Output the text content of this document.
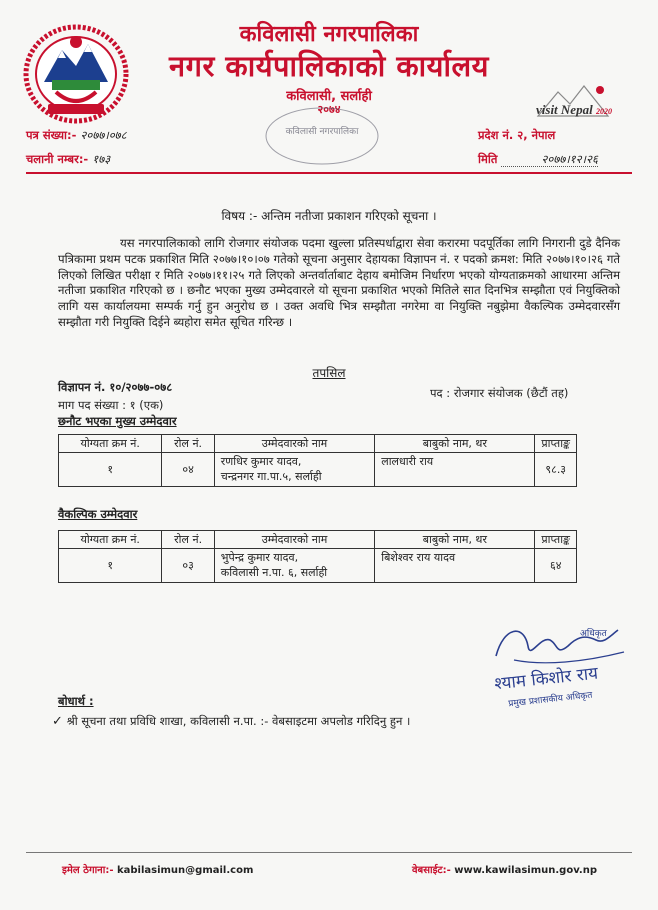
कविलासी नगरपालिका
नगर कार्यपालिकाको कार्यालय
कविलासी, सर्लाही
२०७४	visit Nepal 2020
कविलासी नगरपालिका
पत्र संख्या:- २०७७।०७८
चलानी नम्बर:- १७३
प्रदेश नं. २, नेपाल
मिति	२०७७।१२।२६
विषय :- अन्तिम नतीजा प्रकाशन गरिएको सूचना ।

यस नगरपालिकाको लागि रोजगार संयोजक पदमा खुल्ला प्रतिस्पर्धाद्वारा सेवा करारमा पदपूर्तिका लागि निगरानी दुडे दैनिक पत्रिकामा प्रथम पटक प्रकाशित मिति २०७७।१०।०७ गतेको सूचना अनुसार देहायका विज्ञापन नं. र पदको क्रमश: मिति २०७७।१०।२६ गते लिएको लिखित परीक्षा र मिति २०७७।११।२५ गते लिएको अन्तर्वार्ताबाट देहाय बमोजिम निर्धारण भएको योग्यताक्रमको आधारमा अन्तिम नतीजा प्रकाशित गरिएको छ । छनौट भएका मुख्य उम्मेदवारले यो सूचना प्रकाशित भएको मितिले सात दिनभित्र सम्झौता एवं नियुक्तिको लागि यस कार्यालयमा सम्पर्क गर्नु हुन अनुरोध छ । उक्त अवधि भित्र सम्झौता नगरेमा वा नियुक्ति नबुझेमा वैकल्पिक उम्मेदवारसँग सम्झौता गरी नियुक्ति दिईने ब्यहोरा समेत सूचित गरिन्छ ।

तपसिल
विज्ञापन नं. १०/२०७७-०७८	पद : रोजगार संयोजक (छैटौं तह)
माग पद संख्या : १ (एक)
छनौट भएका मुख्य उम्मेदवार
योग्यता क्रम नं.	रोल नं.	उम्मेदवारको नाम	बाबुको नाम, थर	प्राप्ताङ्क
१	०४	रणधिर कुमार यादव,
चन्द्रनगर गा.पा.५, सर्लाही	लालधारी राय	९८.३
वैकल्पिक उम्मेदवार
योग्यता क्रम नं.	रोल नं.	उम्मेदवारको नाम	बाबुको नाम, थर	प्राप्ताङ्क
१	०३	भुपेन्द्र कुमार यादव,
कविलासी न.पा. ६, सर्लाही	बिशेश्वर राय यादव	६४
अधिकृत
श्याम किशोर राय
प्रमुख प्रशासकीय अधिकृत
बोधार्थ :
✓ श्री सूचना तथा प्रविधि शाखा, कविलासी न.पा. :- वेबसाइटमा अपलोड गरिदिनु हुन ।
इमेल ठेगाना:- kabilasimun@gmail.com	वेबसाईट:- www.kawilasimun.gov.np
